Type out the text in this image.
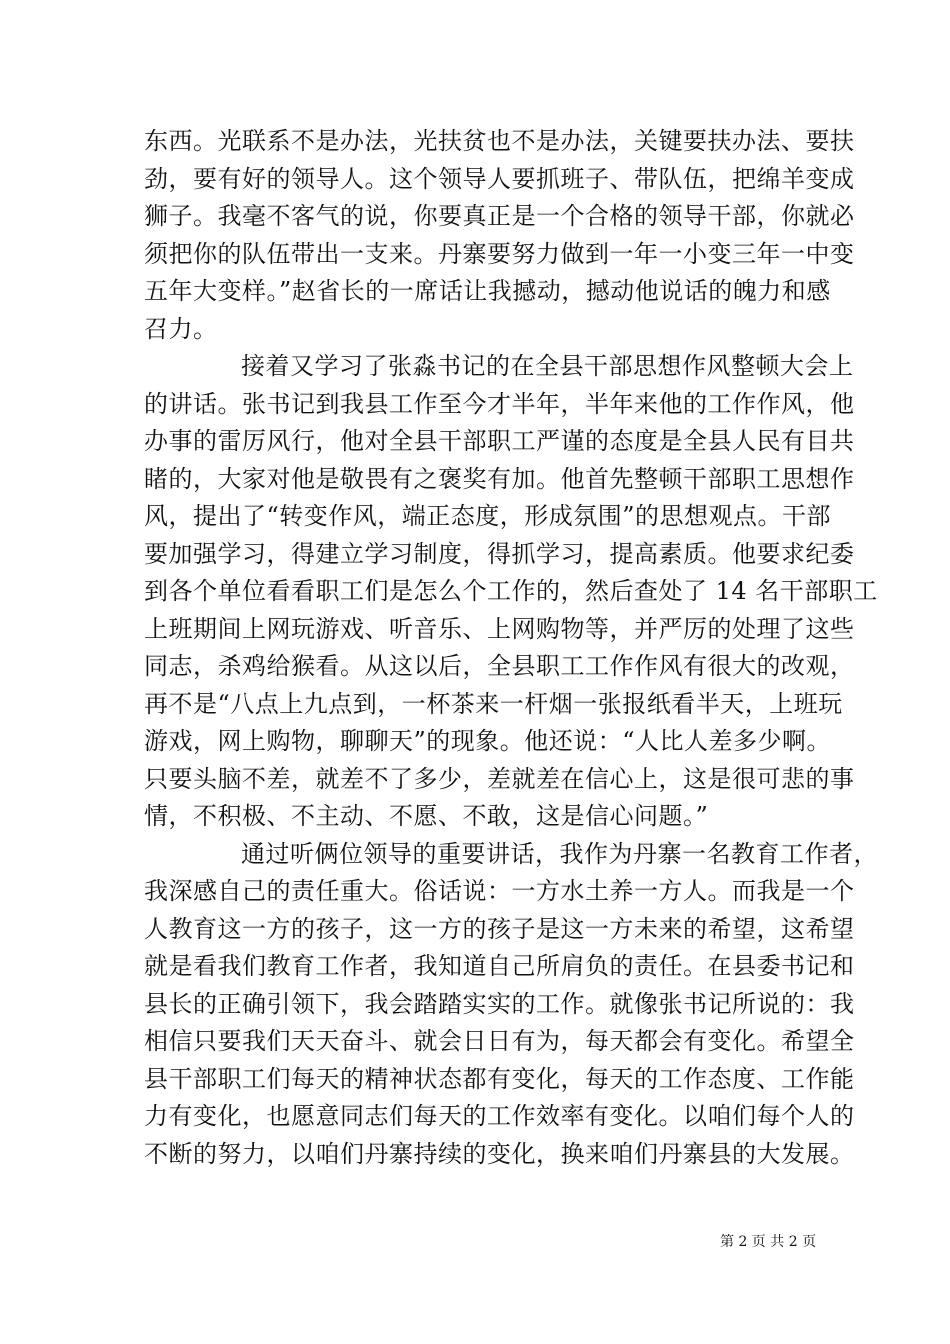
东西。光联系不是办法，光扶贫也不是办法，关键要扶办法、要扶
劲，要有好的领导人。这个领导人要抓班子、带队伍，把绵羊变成
狮子。我毫不客气的说，你要真正是一个合格的领导干部，你就必
须把你的队伍带出一支来。丹寨要努力做到一年一小变三年一中变
五年大变样。”赵省长的一席话让我撼动，撼动他说话的魄力和感
召力。
接着又学习了张淼书记的在全县干部思想作风整顿大会上
的讲话。张书记到我县工作至今才半年，半年来他的工作作风，他
办事的雷厉风行，他对全县干部职工严谨的态度是全县人民有目共
睹的，大家对他是敬畏有之褒奖有加。他首先整顿干部职工思想作
风，提出了“转变作风，端正态度，形成氛围”的思想观点。干部
要加强学习，得建立学习制度，得抓学习，提高素质。他要求纪委
到各个单位看看职工们是怎么个工作的，然后查处了 14 名干部职工
上班期间上网玩游戏、听音乐、上网购物等，并严厉的处理了这些
同志，杀鸡给猴看。从这以后，全县职工工作作风有很大的改观，
再不是“八点上九点到，一杯茶来一杆烟一张报纸看半天，上班玩
游戏，网上购物，聊聊天”的现象。他还说：“人比人差多少啊。
只要头脑不差，就差不了多少，差就差在信心上，这是很可悲的事
情，不积极、不主动、不愿、不敢，这是信心问题。”
通过听俩位领导的重要讲话，我作为丹寨一名教育工作者，
我深感自己的责任重大。俗话说：一方水土养一方人。而我是一个
人教育这一方的孩子，这一方的孩子是这一方未来的希望，这希望
就是看我们教育工作者，我知道自己所肩负的责任。在县委书记和
县长的正确引领下，我会踏踏实实的工作。就像张书记所说的：我
相信只要我们天天奋斗、就会日日有为，每天都会有变化。希望全
县干部职工们每天的精神状态都有变化，每天的工作态度、工作能
力有变化，也愿意同志们每天的工作效率有变化。以咱们每个人的
不断的努力，以咱们丹寨持续的变化，换来咱们丹寨县的大发展。
第 2 页 共 2 页
